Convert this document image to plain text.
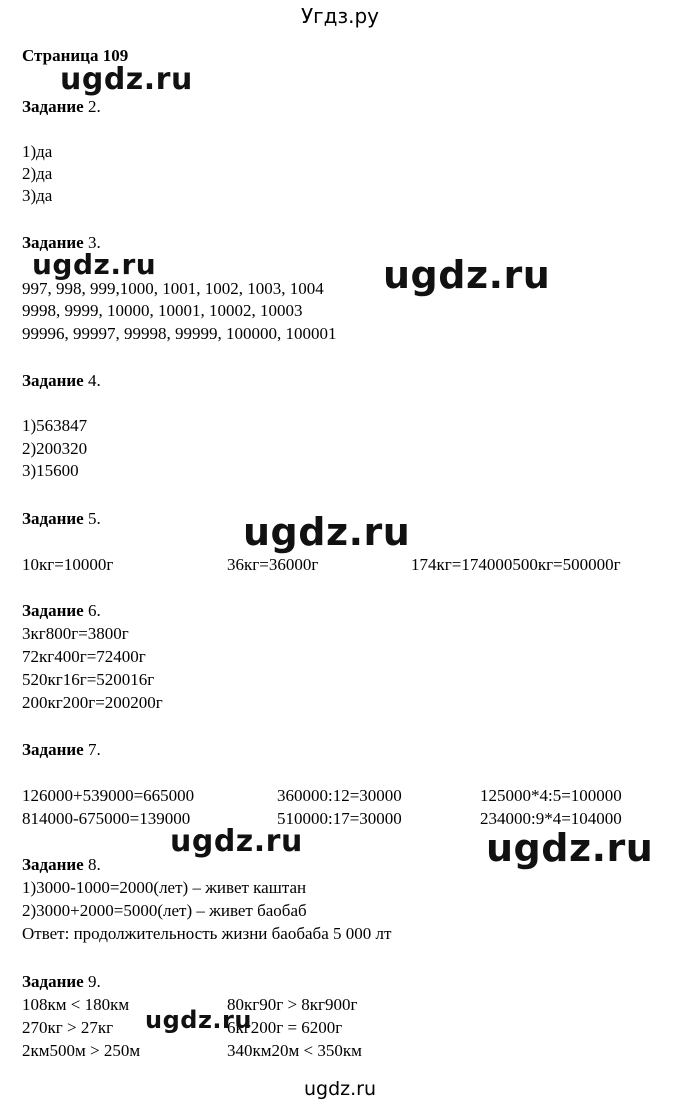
Угдз.ру
Страница 109
Задание 2.
1)да
2)да
3)да
Задание 3.
997, 998, 999,1000, 1001, 1002, 1003, 1004
9998, 9999, 10000, 10001, 10002, 10003
99996, 99997, 99998, 99999, 100000, 100001
Задание 4.
1)563847
2)200320
3)15600
Задание 5.
10кг=10000г	36кг=36000г	174кг=174000500кг=500000г
Задание 6.
3кг800г=3800г
72кг400г=72400г
520кг16г=520016г
200кг200г=200200г
Задание 7.
126000+539000=665000	360000:12=30000	125000*4:5=100000
814000-675000=139000	510000:17=30000	234000:9*4=104000
Задание 8.
1)3000-1000=2000(лет) – живет каштан
2)3000+2000=5000(лет) – живет баобаб
Ответ: продолжительность жизни баобаба 5 000 лт
Задание 9.
108км < 180км	80кг90г > 8кг900г
270кг > 27кг	6кг200г = 6200г
2км500м > 250м	340км20м < 350км
ugdz.ru
ugdz.ru	ugdz.ru
ugdz.ru
ugdz.ru	ugdz.ru
ugdz.ru
ugdz.ru
